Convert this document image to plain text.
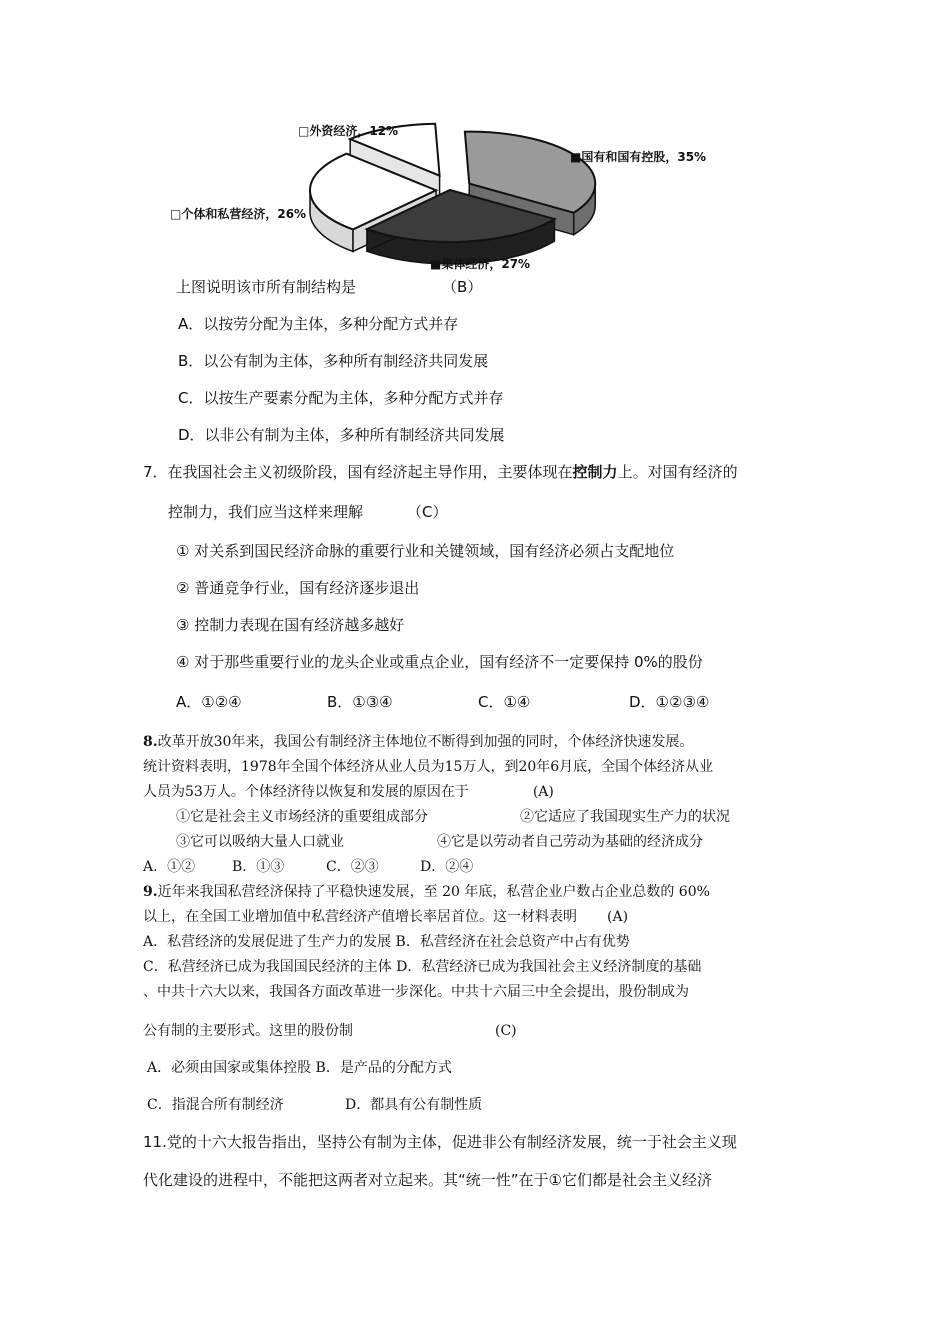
□外资经济，12%
■国有和国有控股，35%
□个体和私营经济，26%
■集体经济，27%
上图说明该市所有制结构是	（B）
A．以按劳分配为主体，多种分配方式并存
B．以公有制为主体，多种所有制经济共同发展
C．以按生产要素分配为主体，多种分配方式并存
D．以非公有制为主体，多种所有制经济共同发展
7．在我国社会主义初级阶段，国有经济起主导作用，主要体现在控制力上。对国有经济的
控制力，我们应当这样来理解	（C）
① 对关系到国民经济命脉的重要行业和关键领域，国有经济必须占支配地位
② 普通竞争行业，国有经济逐步退出
③ 控制力表现在国有经济越多越好
④ 对于那些重要行业的龙头企业或重点企业，国有经济不一定要保持 0%的股份
A．①②④	B．①③④	C．①④	D．①②③④
8.改革开放30年来，我国公有制经济主体地位不断得到加强的同时，个体经济快速发展。
统计资料表明，1978年全国个体经济从业人员为15万人，到20年6月底，全国个体经济从业
人员为53万人。个体经济待以恢复和发展的原因在于	(A)
①它是社会主义市场经济的重要组成部分	②它适应了我国现实生产力的状况
③它可以吸纳大量人口就业	④它是以劳动者自己劳动为基础的经济成分
A．①②	B．①③	C．②③	D．②④
9.近年来我国私营经济保持了平稳快速发展，至 20 年底，私营企业户数占企业总数的 60%
以上，在全国工业增加值中私营经济产值增长率居首位。这一材料表明 (A)
A．私营经济的发展促进了生产力的发展 B．私营经济在社会总资产中占有优势
C．私营经济已成为我国国民经济的主体 D．私营经济已成为我国社会主义经济制度的基础
、中共十六大以来，我国各方面改革进一步深化。中共十六届三中全会提出，股份制成为
公有制的主要形式。这里的股份制	(C)
A．必须由国家或集体控股 B．是产品的分配方式
C．指混合所有制经济	D．都具有公有制性质
11.党的十六大报告指出，坚持公有制为主体，促进非公有制经济发展，统一于社会主义现
代化建设的进程中，不能把这两者对立起来。其“统一性”在于①它们都是社会主义经济
